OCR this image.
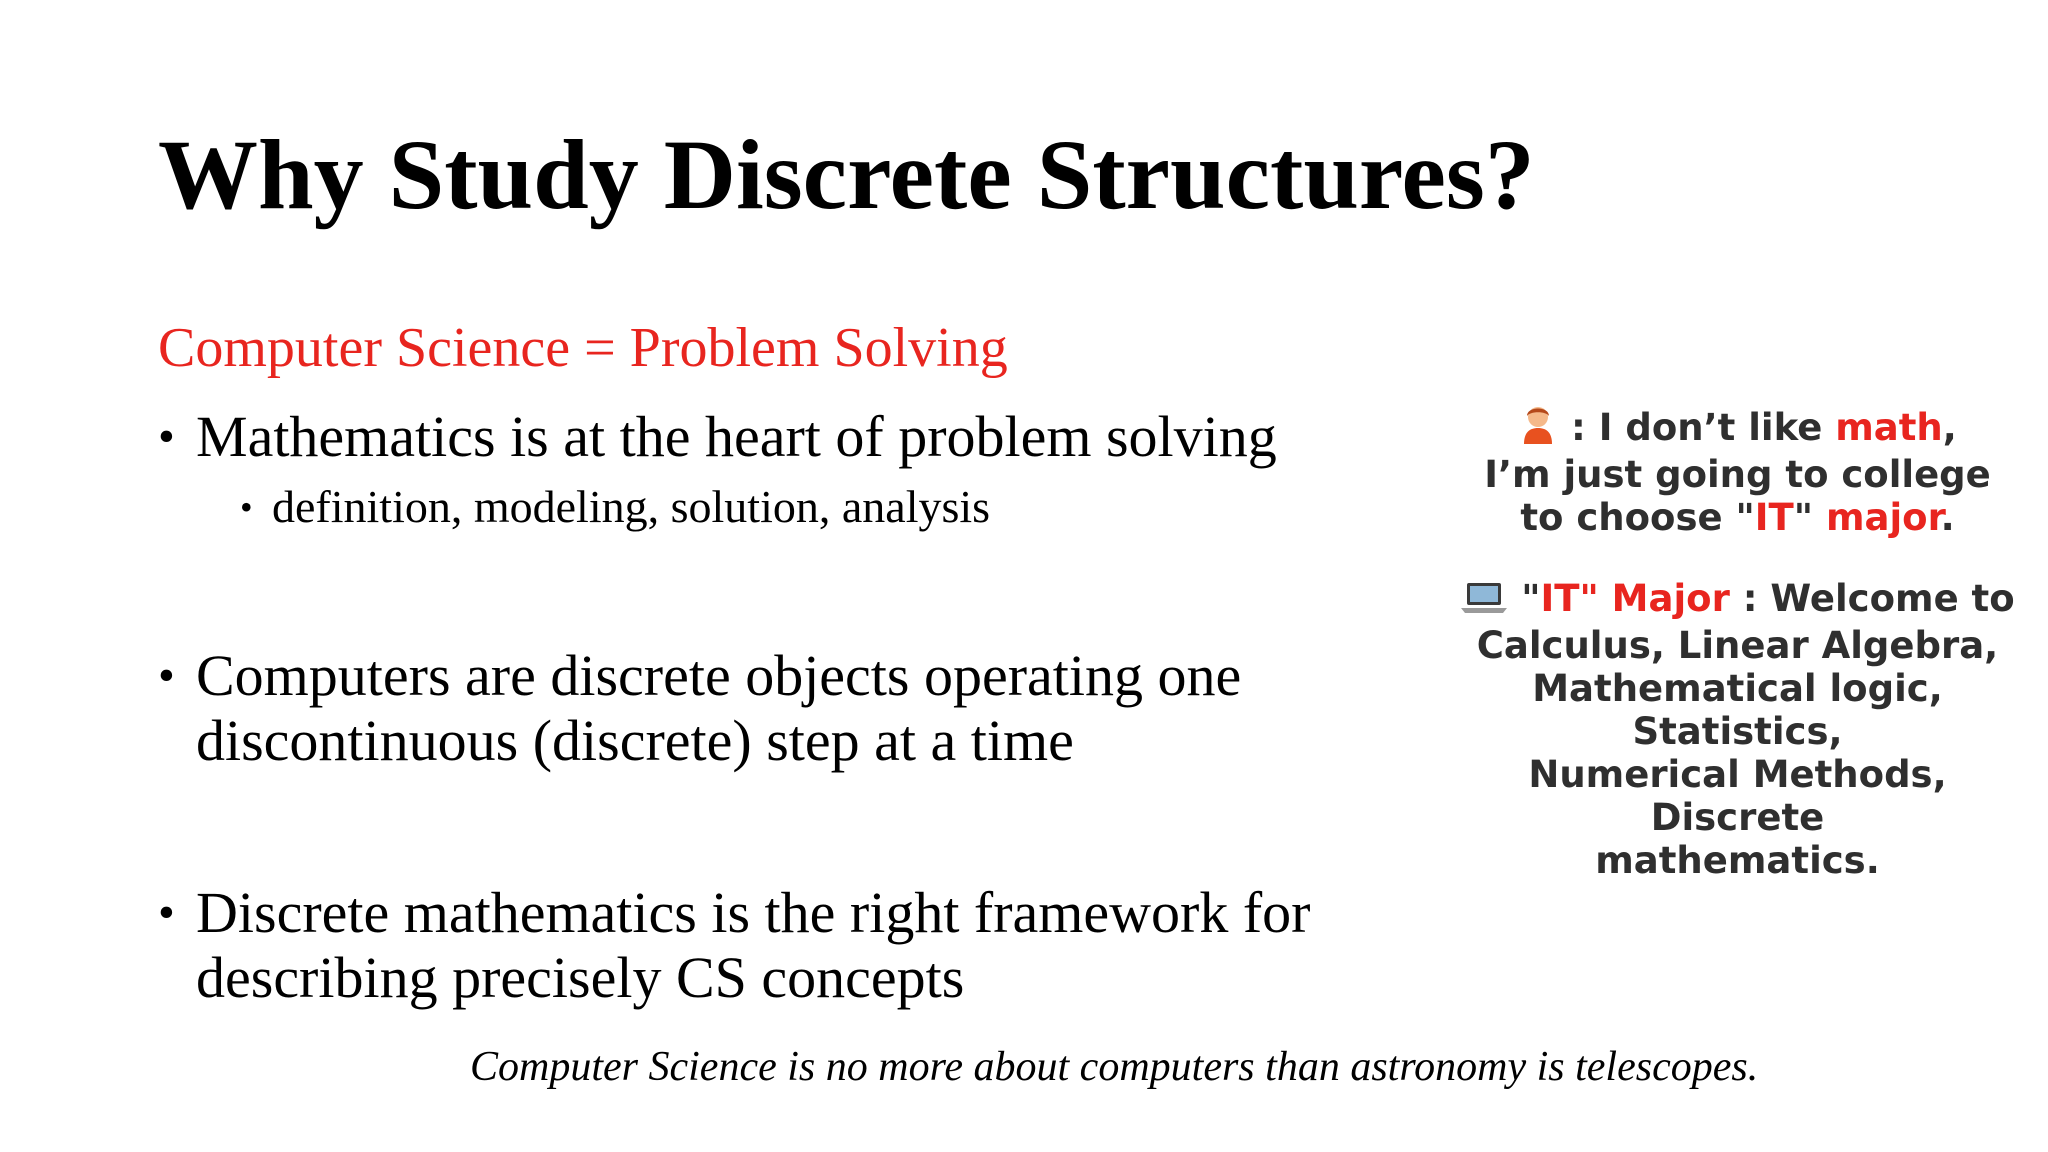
Why Study Discrete Structures?
Computer Science = Problem Solving
• Mathematics is at the heart of problem solving
• definition, modeling, solution, analysis
• Computers are discrete objects operating one
discontinuous (discrete) step at a time
• Discrete mathematics is the right framework for
describing precisely CS concepts
Computer Science is no more about computers than astronomy is telescopes.

: I don’t like math,

I’m just going to college

to choose "IT" major.

"IT" Major : Welcome to

Calculus, Linear Algebra,

Mathematical logic, Statistics,

Numerical Methods, Discrete

mathematics.
